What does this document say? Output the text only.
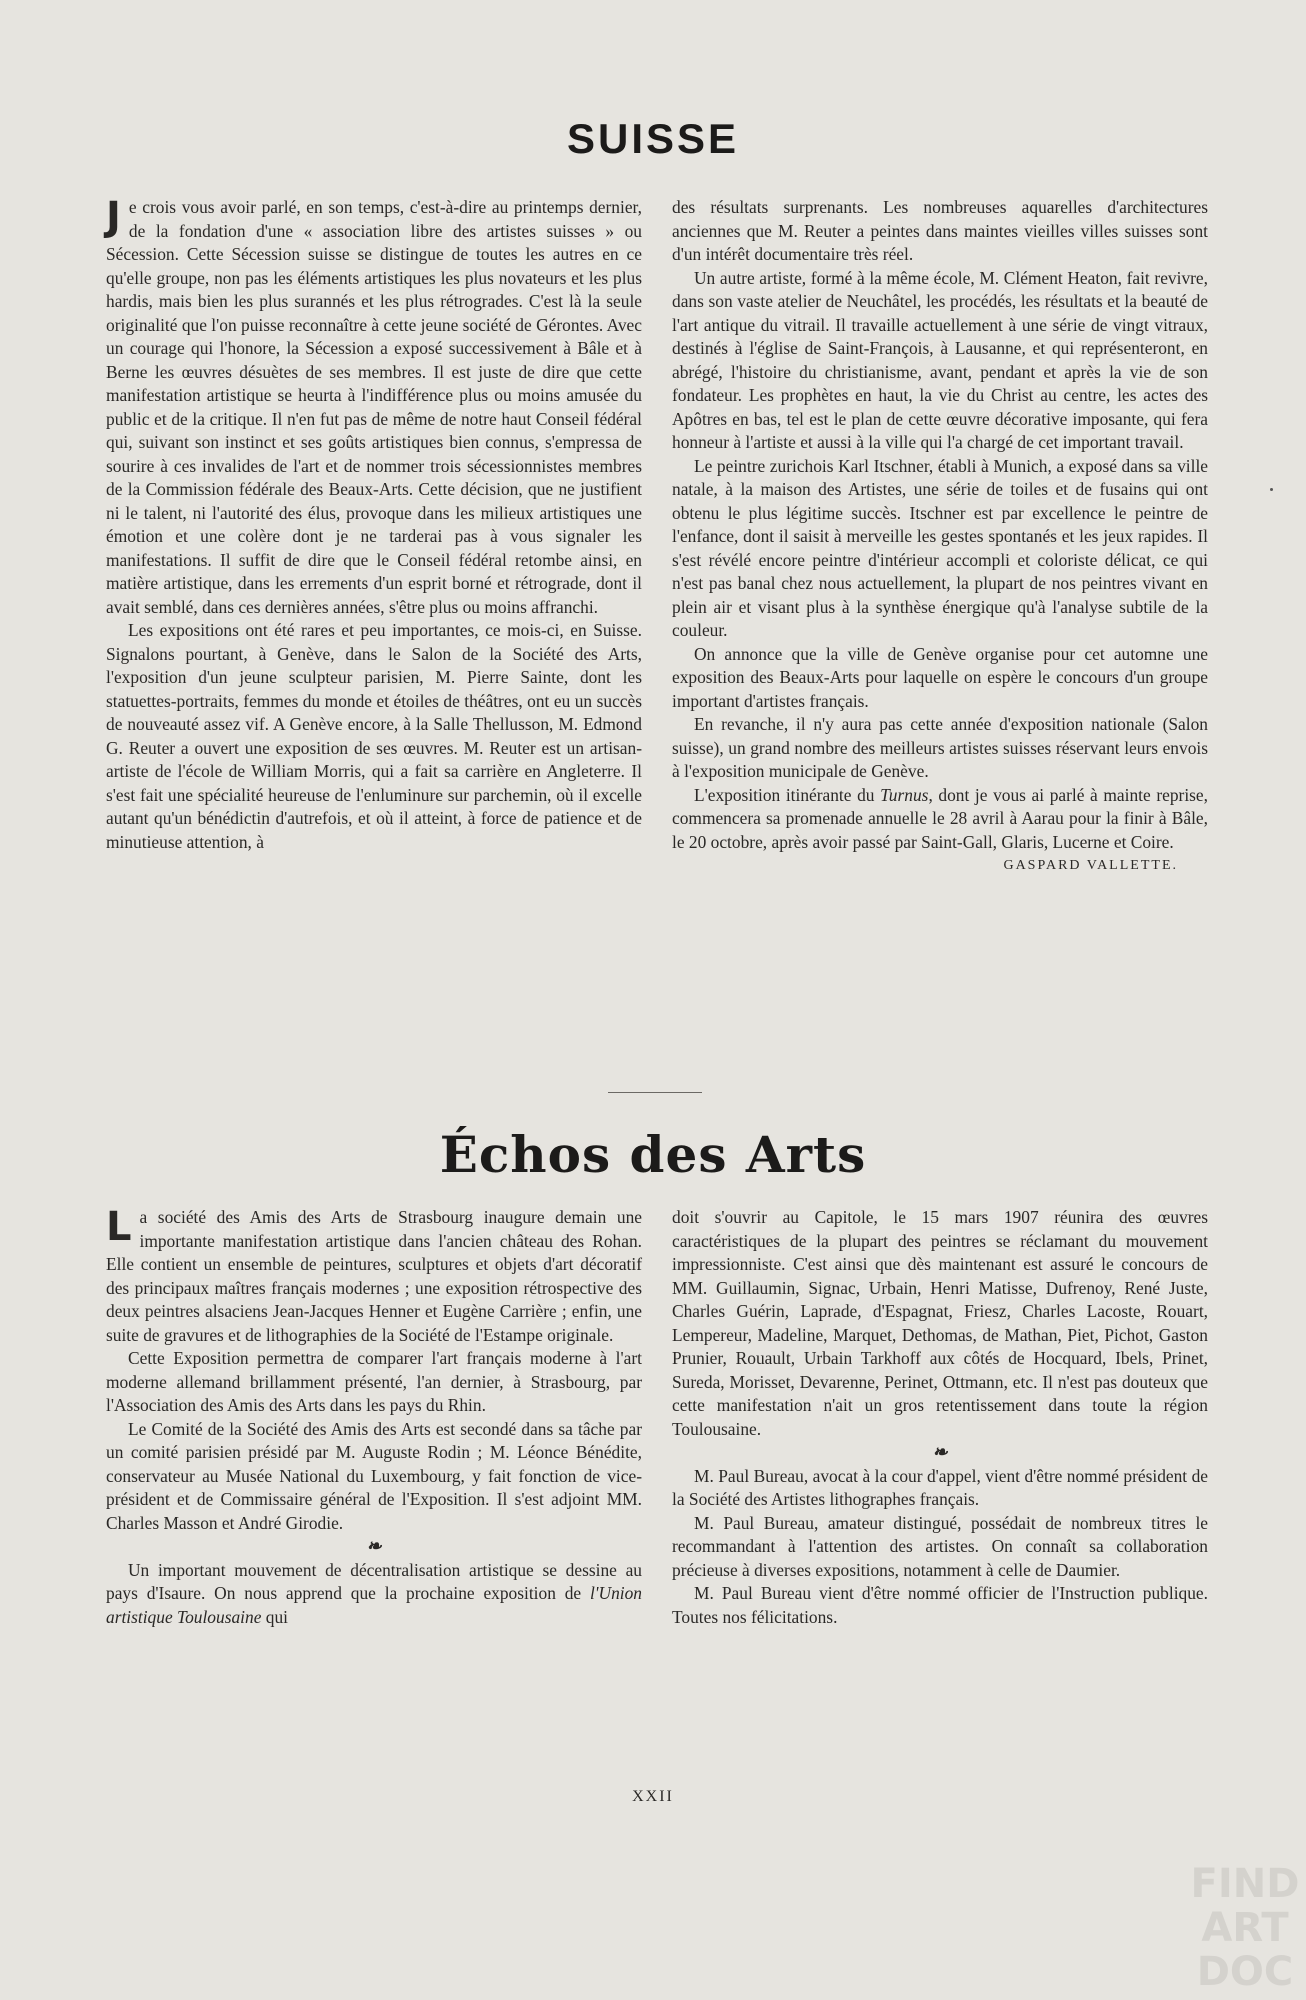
SUISSE

Je crois vous avoir parlé, en son temps, c'est-à-dire au printemps dernier, de la fondation d'une « association libre des artistes suisses » ou Sécession. Cette Sécession suisse se distingue de toutes les autres en ce qu'elle groupe, non pas les éléments artistiques les plus novateurs et les plus hardis, mais bien les plus surannés et les plus rétrogrades. C'est là la seule originalité que l'on puisse reconnaître à cette jeune société de Gérontes. Avec un courage qui l'honore, la Sécession a exposé successivement à Bâle et à Berne les œuvres désuètes de ses membres. Il est juste de dire que cette manifestation artistique se heurta à l'indifférence plus ou moins amusée du public et de la critique. Il n'en fut pas de même de notre haut Conseil fédéral qui, suivant son instinct et ses goûts artistiques bien connus, s'empressa de sourire à ces invalides de l'art et de nommer trois sécessionnistes membres de la Commission fédérale des Beaux-Arts. Cette décision, que ne justifient ni le talent, ni l'autorité des élus, provoque dans les milieux artistiques une émotion et une colère dont je ne tarderai pas à vous signaler les manifestations. Il suffit de dire que le Conseil fédéral retombe ainsi, en matière artistique, dans les errements d'un esprit borné et rétrograde, dont il avait semblé, dans ces dernières années, s'être plus ou moins affranchi.

Les expositions ont été rares et peu importantes, ce mois-ci, en Suisse. Signalons pourtant, à Genève, dans le Salon de la Société des Arts, l'exposition d'un jeune sculpteur parisien, M. Pierre Sainte, dont les statuettes-portraits, femmes du monde et étoiles de théâtres, ont eu un succès de nouveauté assez vif. A Genève encore, à la Salle Thellusson, M. Edmond G. Reuter a ouvert une exposition de ses œuvres. M. Reuter est un artisan-artiste de l'école de William Morris, qui a fait sa carrière en Angleterre. Il s'est fait une spécialité heureuse de l'enluminure sur parchemin, où il excelle autant qu'un bénédictin d'autrefois, et où il atteint, à force de patience et de minutieuse attention, à

des résultats surprenants. Les nombreuses aquarelles d'architectures anciennes que M. Reuter a peintes dans maintes vieilles villes suisses sont d'un intérêt documentaire très réel.

Un autre artiste, formé à la même école, M. Clément Heaton, fait revivre, dans son vaste atelier de Neuchâtel, les procédés, les résultats et la beauté de l'art antique du vitrail. Il travaille actuellement à une série de vingt vitraux, destinés à l'église de Saint-François, à Lausanne, et qui représenteront, en abrégé, l'histoire du christianisme, avant, pendant et après la vie de son fondateur. Les prophètes en haut, la vie du Christ au centre, les actes des Apôtres en bas, tel est le plan de cette œuvre décorative imposante, qui fera honneur à l'artiste et aussi à la ville qui l'a chargé de cet important travail.

Le peintre zurichois Karl Itschner, établi à Munich, a exposé dans sa ville natale, à la maison des Artistes, une série de toiles et de fusains qui ont obtenu le plus légitime succès. Itschner est par excellence le peintre de l'enfance, dont il saisit à merveille les gestes spontanés et les jeux rapides. Il s'est révélé encore peintre d'intérieur accompli et coloriste délicat, ce qui n'est pas banal chez nous actuellement, la plupart de nos peintres vivant en plein air et visant plus à la synthèse énergique qu'à l'analyse subtile de la couleur.

On annonce que la ville de Genève organise pour cet automne une exposition des Beaux-Arts pour laquelle on espère le concours d'un groupe important d'artistes français.

En revanche, il n'y aura pas cette année d'exposition nationale (Salon suisse), un grand nombre des meilleurs artistes suisses réservant leurs envois à l'exposition municipale de Genève.

L'exposition itinérante du Turnus, dont je vous ai parlé à mainte reprise, commencera sa promenade annuelle le 28 avril à Aarau pour la finir à Bâle, le 20 octobre, après avoir passé par Saint-Gall, Glaris, Lucerne et Coire.

GASPARD VALLETTE.

Échos des Arts

La société des Amis des Arts de Strasbourg inaugure demain une importante manifestation artistique dans l'ancien château des Rohan. Elle contient un ensemble de peintures, sculptures et objets d'art décoratif des principaux maîtres français modernes ; une exposition rétrospective des deux peintres alsaciens Jean-Jacques Henner et Eugène Carrière ; enfin, une suite de gravures et de lithographies de la Société de l'Estampe originale.

Cette Exposition permettra de comparer l'art français moderne à l'art moderne allemand brillamment présenté, l'an dernier, à Strasbourg, par l'Association des Amis des Arts dans les pays du Rhin.

Le Comité de la Société des Amis des Arts est secondé dans sa tâche par un comité parisien présidé par M. Auguste Rodin ; M. Léonce Bénédite, conservateur au Musée National du Luxembourg, y fait fonction de vice-président et de Commissaire général de l'Exposition. Il s'est adjoint MM. Charles Masson et André Girodie.

❧

Un important mouvement de décentralisation artistique se dessine au pays d'Isaure. On nous apprend que la prochaine exposition de l'Union artistique Toulousaine qui

doit s'ouvrir au Capitole, le 15 mars 1907 réunira des œuvres caractéristiques de la plupart des peintres se réclamant du mouvement impressionniste. C'est ainsi que dès maintenant est assuré le concours de MM. Guillaumin, Signac, Urbain, Henri Matisse, Dufrenoy, René Juste, Charles Guérin, Laprade, d'Espagnat, Friesz, Charles Lacoste, Rouart, Lempereur, Madeline, Marquet, Dethomas, de Mathan, Piet, Pichot, Gaston Prunier, Rouault, Urbain Tarkhoff aux côtés de Hocquard, Ibels, Prinet, Sureda, Morisset, Devarenne, Perinet, Ottmann, etc. Il n'est pas douteux que cette manifestation n'ait un gros retentissement dans toute la région Toulousaine.

❧

M. Paul Bureau, avocat à la cour d'appel, vient d'être nommé président de la Société des Artistes lithographes français.

M. Paul Bureau, amateur distingué, possédait de nombreux titres le recommandant à l'attention des artistes. On connaît sa collaboration précieuse à diverses expositions, notamment à celle de Daumier.

M. Paul Bureau vient d'être nommé officier de l'Instruction publique. Toutes nos félicitations.

XXII
FIND
ART
DOC
